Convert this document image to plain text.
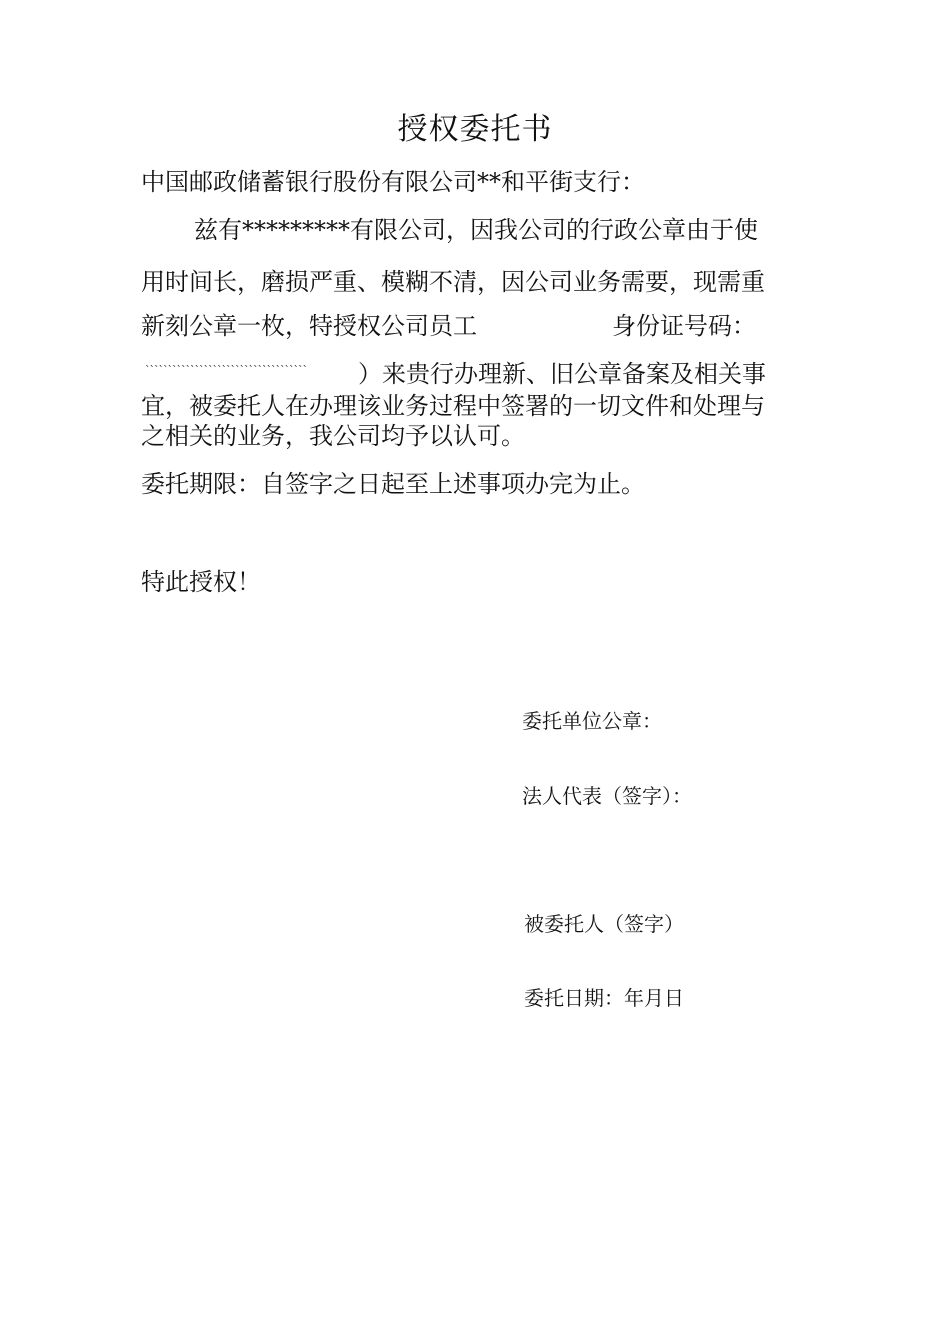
授权委托书
中国邮政储蓄银行股份有限公司**和平街支行：
兹有*********有限公司，因我公司的行政公章由于使
用时间长，磨损严重、模糊不清，因公司业务需要，现需重
新刻公章一枚，特授权公司员工	身份证号码：
ˋˋˋˋˋˋˋˋˋˋˋˋˋˋˋˋˋˋˋˋˋˋˋˋˋˋˋˋˋˋˋˋˋˋˋˋ ）来贵行办理新、旧公章备案及相关事
宜，被委托人在办理该业务过程中签署的一切文件和处理与
之相关的业务，我公司均予以认可。
委托期限：自签字之日起至上述事项办完为止。
特此授权！
委托单位公章：
法人代表（签字）：
被委托人（签字）
委托日期：年月日
